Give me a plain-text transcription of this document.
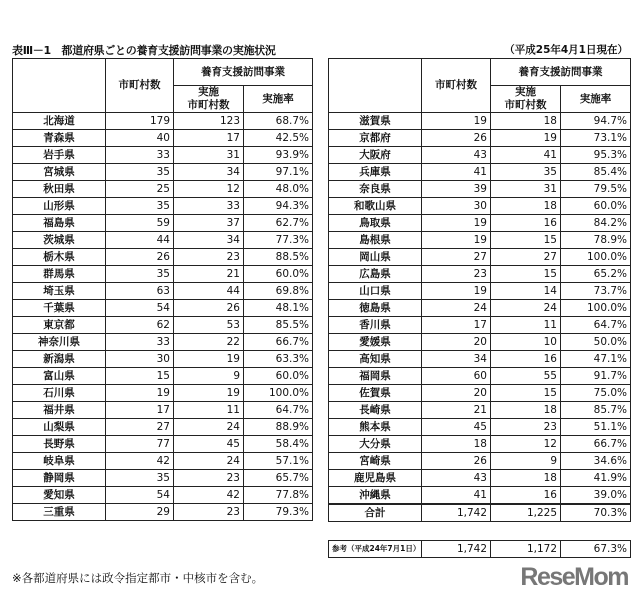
表Ⅲ－1　都道府県ごとの養育支援訪問事業の実施状況	（平成25年4月1日現在）
	市町村数	養育支援訪問事業	
		実施
市町村数	実施率
北海道	179	123	68.7%
青森県	40	17	42.5%
岩手県	33	31	93.9%
宮城県	35	34	97.1%
秋田県	25	12	48.0%
山形県	35	33	94.3%
福島県	59	37	62.7%
茨城県	44	34	77.3%
栃木県	26	23	88.5%
群馬県	35	21	60.0%
埼玉県	63	44	69.8%
千葉県	54	26	48.1%
東京都	62	53	85.5%
神奈川県	33	22	66.7%
新潟県	30	19	63.3%
富山県	15	9	60.0%
石川県	19	19	100.0%
福井県	17	11	64.7%
山梨県	27	24	88.9%
長野県	77	45	58.4%
岐阜県	42	24	57.1%
静岡県	35	23	65.7%
愛知県	54	42	77.8%
三重県	29	23	79.3%
	市町村数	養育支援訪問事業	
		実施
市町村数	実施率
滋賀県	19	18	94.7%
京都府	26	19	73.1%
大阪府	43	41	95.3%
兵庫県	41	35	85.4%
奈良県	39	31	79.5%
和歌山県	30	18	60.0%
鳥取県	19	16	84.2%
島根県	19	15	78.9%
岡山県	27	27	100.0%
広島県	23	15	65.2%
山口県	19	14	73.7%
徳島県	24	24	100.0%
香川県	17	11	64.7%
愛媛県	20	10	50.0%
高知県	34	16	47.1%
福岡県	60	55	91.7%
佐賀県	20	15	75.0%
長崎県	21	18	85.7%
熊本県	45	23	51.1%
大分県	18	12	66.7%
宮崎県	26	9	34.6%
鹿児島県	43	18	41.9%
沖縄県	41	16	39.0%
合計	1,742	1,225	70.3%
参考（平成24年7月1日）	1,742	1,172	67.3%
※各都道府県には政令指定都市・中核市を含む。	ReseMom
